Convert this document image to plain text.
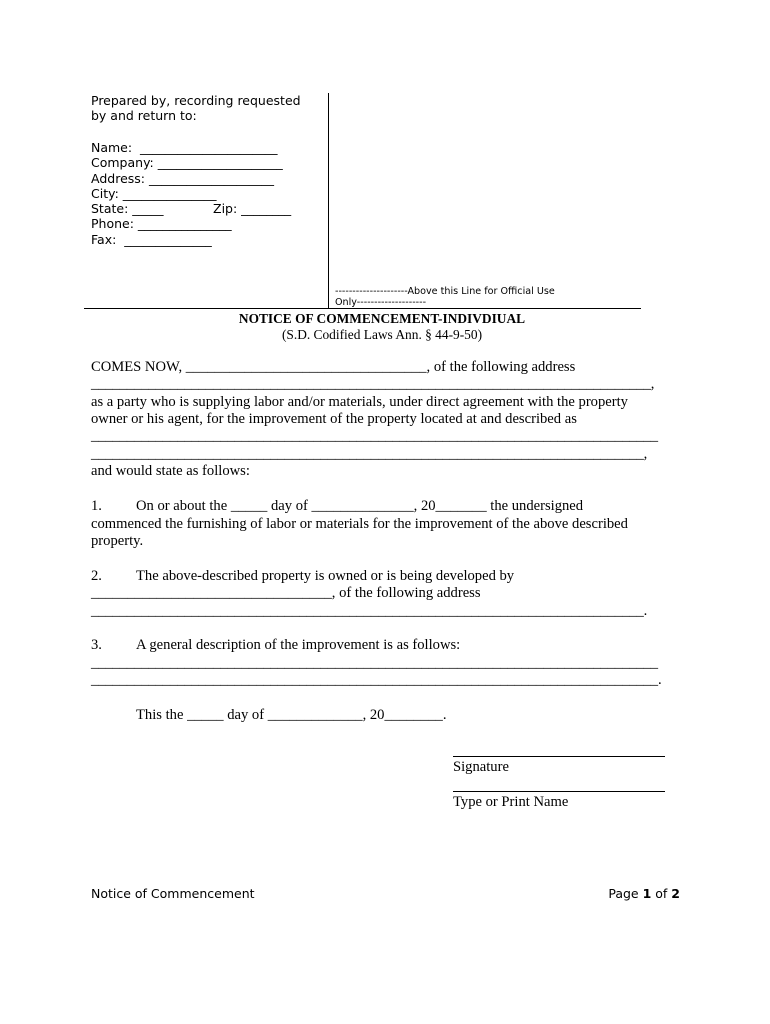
Prepared by, recording requested
by and return to:
Name:  ______________________
Company: ____________________
Address: ____________________
City: _______________
State: _____	Zip: ________
Phone: _______________
Fax:  ______________
---------------------Above this Line for Official Use
Only--------------------
NOTICE OF COMMENCEMENT-INDIVDIUAL
(S.D. Codified Laws Ann. § 44-9-50)
COMES NOW, _________________________________, of the following address
______________________________________________________________________________,
as a party who is supplying labor and/or materials, under direct agreement with the property
owner or his agent, for the improvement of the property located at and described as
_______________________________________________________________________________
_____________________________________________________________________________,
and would state as follows:
1. On or about the _____ day of ______________, 20_______ the undersigned
commenced the furnishing of labor or materials for the improvement of the above described
property.
2. The above-described property is owned or is being developed by
_________________________________, of the following address
_____________________________________________________________________________.
3. A general description of the improvement is as follows:
_______________________________________________________________________________
_______________________________________________________________________________.
This the _____ day of _____________, 20________.
Signature
Type or Print Name
Notice of Commencement	Page 1 of 2
